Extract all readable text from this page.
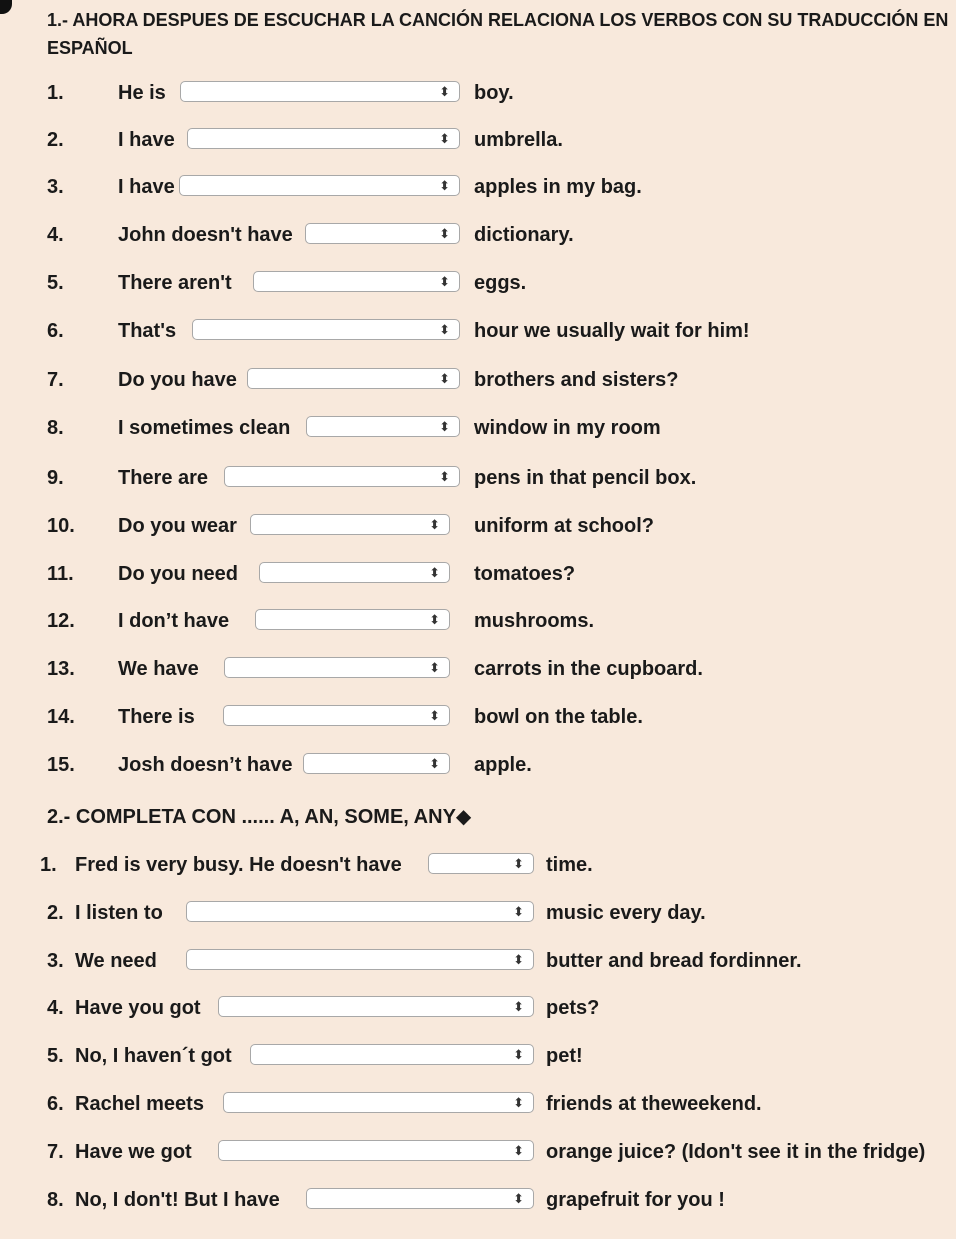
1.- AHORA DESPUES DE ESCUCHAR LA CANCIÓN RELACIONA LOS VERBOS CON SU TRADUCCIÓN EN ESPAÑOL
1.	He is	⬍ boy.
2.	I have	⬍ umbrella.
3.	I have	⬍ apples in my bag.
4.	John doesn't have	⬍ dictionary.
5.	There aren't	⬍ eggs.
6.	That's	⬍ hour we usually wait for him!
7.	Do you have	⬍ brothers and sisters?
8.	I sometimes clean	⬍ window in my room
9.	There are	⬍ pens in that pencil box.
10. Do you wear	⬍ uniform at school?
11. Do you need	⬍ tomatoes?
12. I don’t have	⬍ mushrooms.
13. We have	⬍ carrots in the cupboard.
14. There is	⬍ bowl on the table.
15. Josh doesn’t have	⬍ apple.
2.- COMPLETA CON ...... A, AN, SOME, ANY◆
1. Fred is very busy. He doesn't have	⬍ time.
2. I listen to	⬍ music every day.
3. We need	⬍ butter and bread fordinner.
4. Have you got	⬍ pets?
5. No, I haven´t got	⬍ pet!
6. Rachel meets	⬍ friends at theweekend.
7. Have we got	⬍ orange juice? (Idon't see it in the fridge)
8. No, I don't! But I have	⬍ grapefruit for you !
